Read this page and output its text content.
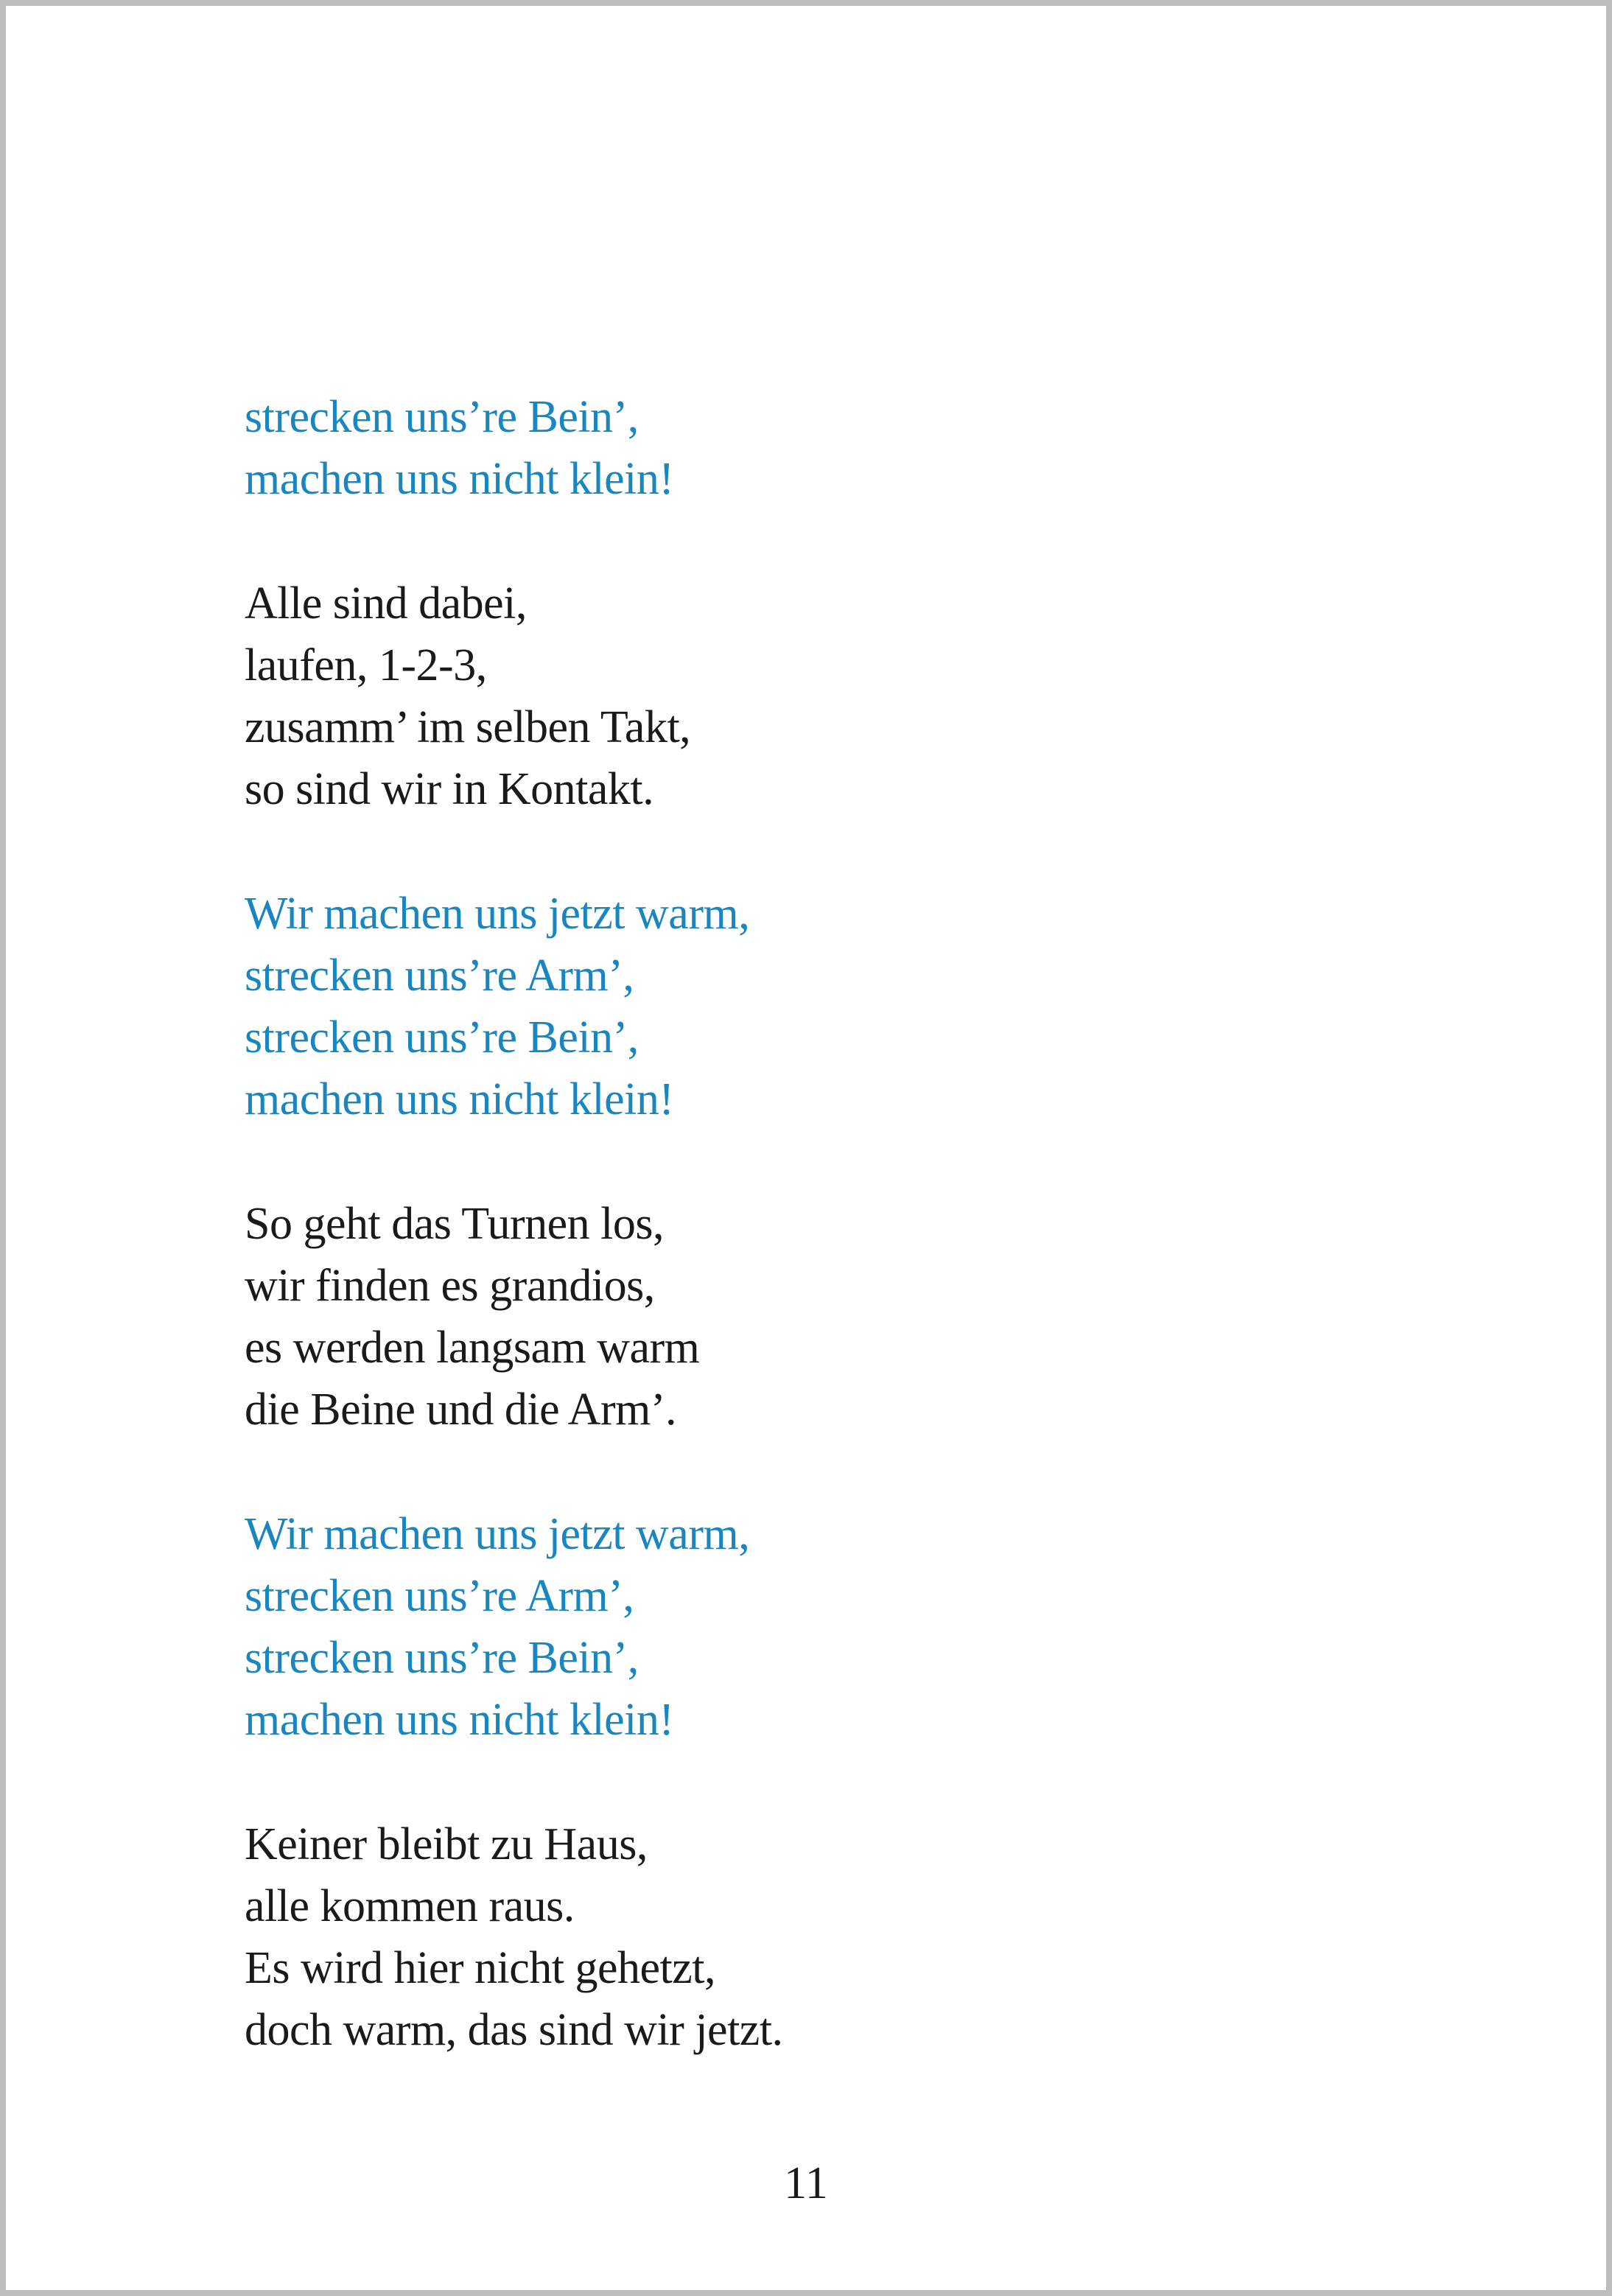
strecken uns’re Bein’,
machen uns nicht klein!
Alle sind dabei,
laufen, 1-2-3,
zusamm’ im selben Takt,
so sind wir in Kontakt.
Wir machen uns jetzt warm,
strecken uns’re Arm’,
strecken uns’re Bein’,
machen uns nicht klein!
So geht das Turnen los,
wir finden es grandios,
es werden langsam warm
die Beine und die Arm’.
Wir machen uns jetzt warm,
strecken uns’re Arm’,
strecken uns’re Bein’,
machen uns nicht klein!
Keiner bleibt zu Haus,
alle kommen raus.
Es wird hier nicht gehetzt,
doch warm, das sind wir jetzt.
11
